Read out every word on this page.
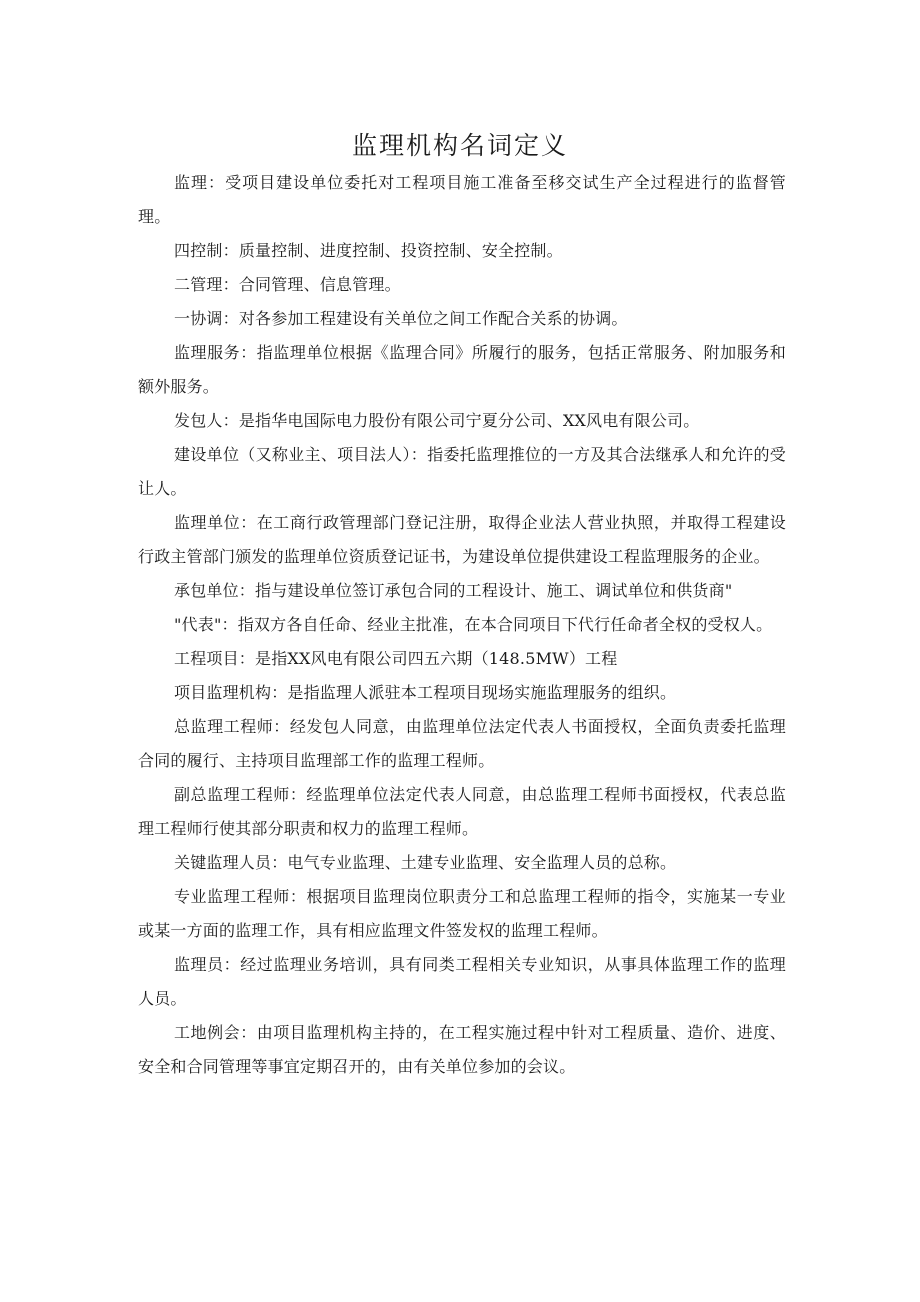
监理机构名词定义

监理：受项目建设单位委托对工程项目施工准备至移交试生产全过程进行的监督管理。

四控制：质量控制、进度控制、投资控制、安全控制。

二管理：合同管理、信息管理。

一协调：对各参加工程建设有关单位之间工作配合关系的协调。

监理服务：指监理单位根据《监理合同》所履行的服务，包括正常服务、附加服务和额外服务。

发包人：是指华电国际电力股份有限公司宁夏分公司、XX风电有限公司。

建设单位（又称业主、项目法人）：指委托监理推位的一方及其合法继承人和允许的受让人。

监理单位：在工商行政管理部门登记注册，取得企业法人营业执照，并取得工程建设行政主管部门颁发的监理单位资质登记证书，为建设单位提供建设工程监理服务的企业。

承包单位：指与建设单位签订承包合同的工程设计、施工、调试单位和供货商"

"代表"：指双方各自任命、经业主批准，在本合同项目下代行任命者全权的受权人。

工程项目：是指XX风电有限公司四五六期（148.5MW）工程

项目监理机构：是指监理人派驻本工程项目现场实施监理服务的组织。

总监理工程师：经发包人同意，由监理单位法定代表人书面授权，全面负责委托监理合同的履行、主持项目监理部工作的监理工程师。

副总监理工程师：经监理单位法定代表人同意，由总监理工程师书面授权，代表总监理工程师行使其部分职责和权力的监理工程师。

关键监理人员：电气专业监理、土建专业监理、安全监理人员的总称。

专业监理工程师：根据项目监理岗位职责分工和总监理工程师的指令，实施某一专业或某一方面的监理工作，具有相应监理文件签发权的监理工程师。

监理员：经过监理业务培训，具有同类工程相关专业知识，从事具体监理工作的监理人员。

工地例会：由项目监理机构主持的，在工程实施过程中针对工程质量、造价、进度、安全和合同管理等事宜定期召开的，由有关单位参加的会议。
